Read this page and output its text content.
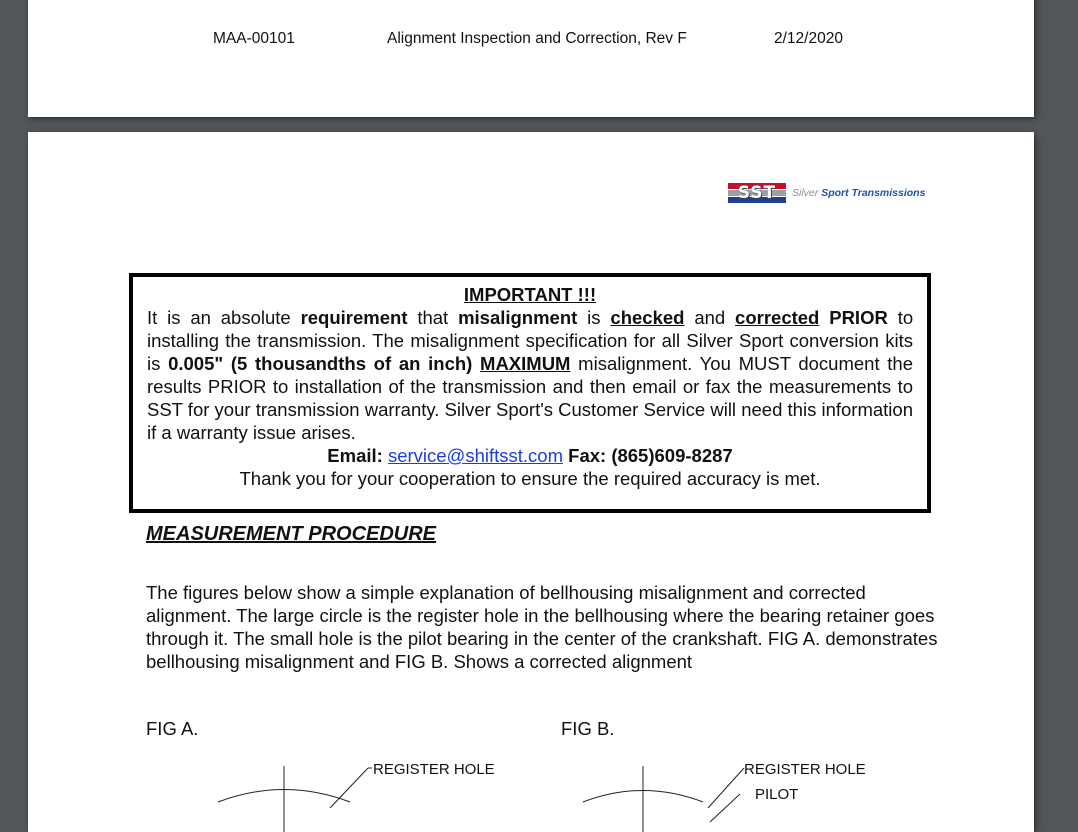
MAA-00101	Alignment Inspection and Correction, Rev F	2/12/2020
SST	Silver Sport Transmissions
IMPORTANT !!!
It is an absolute requirement that misalignment is checked and corrected PRIOR to installing the transmission. The misalignment specification for all Silver Sport conversion kits is 0.005" (5 thousandths of an inch) MAXIMUM misalignment. You MUST document the results PRIOR to installation of the transmission and then email or fax the measurements to SST for your transmission warranty. Silver Sport's Customer Service will need this information if a warranty issue arises.
Email: service@shiftsst.com Fax: (865)609-8287
Thank you for your cooperation to ensure the required accuracy is met.
MEASUREMENT PROCEDURE
The figures below show a simple explanation of bellhousing misalignment and corrected alignment. The large circle is the register hole in the bellhousing where the bearing retainer goes through it. The small hole is the pilot bearing in the center of the crankshaft. FIG A. demonstrates bellhousing misalignment and FIG B. Shows a corrected alignment
FIG A.	FIG B.
REGISTER HOLE	REGISTER HOLE
PILOT
